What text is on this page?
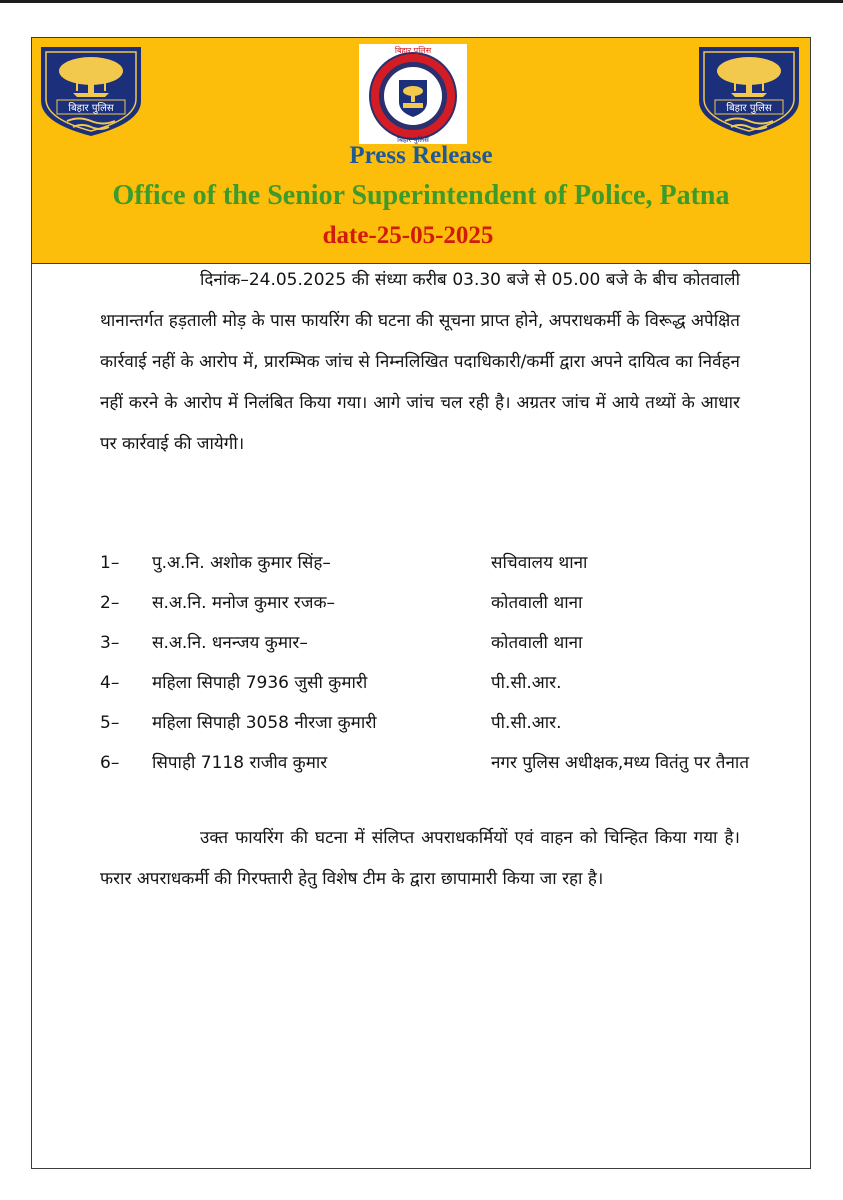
बिहार पुलिस
बिहार पुलिस
बिहार पुलिस
बिहार पुलिस
Press Release
Office of the Senior Superintendent of Police, Patna
date-25-05-2025

दिनांक–24.05.2025 की संध्या करीब 03.30 बजे से 05.00 बजे के बीच कोतवाली थानान्तर्गत हड़ताली मोड़ के पास फायरिंग की घटना की सूचना प्राप्त होने, अपराधकर्मी के विरूद्ध अपेक्षित कार्रवाई नहीं के आरोप में, प्रारम्भिक जांच से निम्नलिखित पदाधिकारी/कर्मी द्वारा अपने दायित्व का निर्वहन नहीं करने के आरोप में निलंबित किया गया। आगे जांच चल रही है। अग्रतर जांच में आये तथ्यों के आधार पर कार्रवाई की जायेगी।

1–	पु.अ.नि. अशोक कुमार सिंह–	सचिवालय थाना
2–	स.अ.नि. मनोज कुमार रजक–	कोतवाली थाना
3–	स.अ.नि. धनन्जय कुमार–	कोतवाली थाना
4–	महिला सिपाही 7936 जुसी कुमारी	पी.सी.आर.
5–	महिला सिपाही 3058 नीरजा कुमारी	पी.सी.आर.
6–	सिपाही 7118 राजीव कुमार	नगर पुलिस अधीक्षक,मध्य वितंतु पर तैनात

उक्त फायरिंग की घटना में संलिप्त अपराधकर्मियों एवं वाहन को चिन्हित किया गया है। फरार अपराधकर्मी की गिरफ्तारी हेतु विशेष टीम के द्वारा छापामारी किया जा रहा है।
